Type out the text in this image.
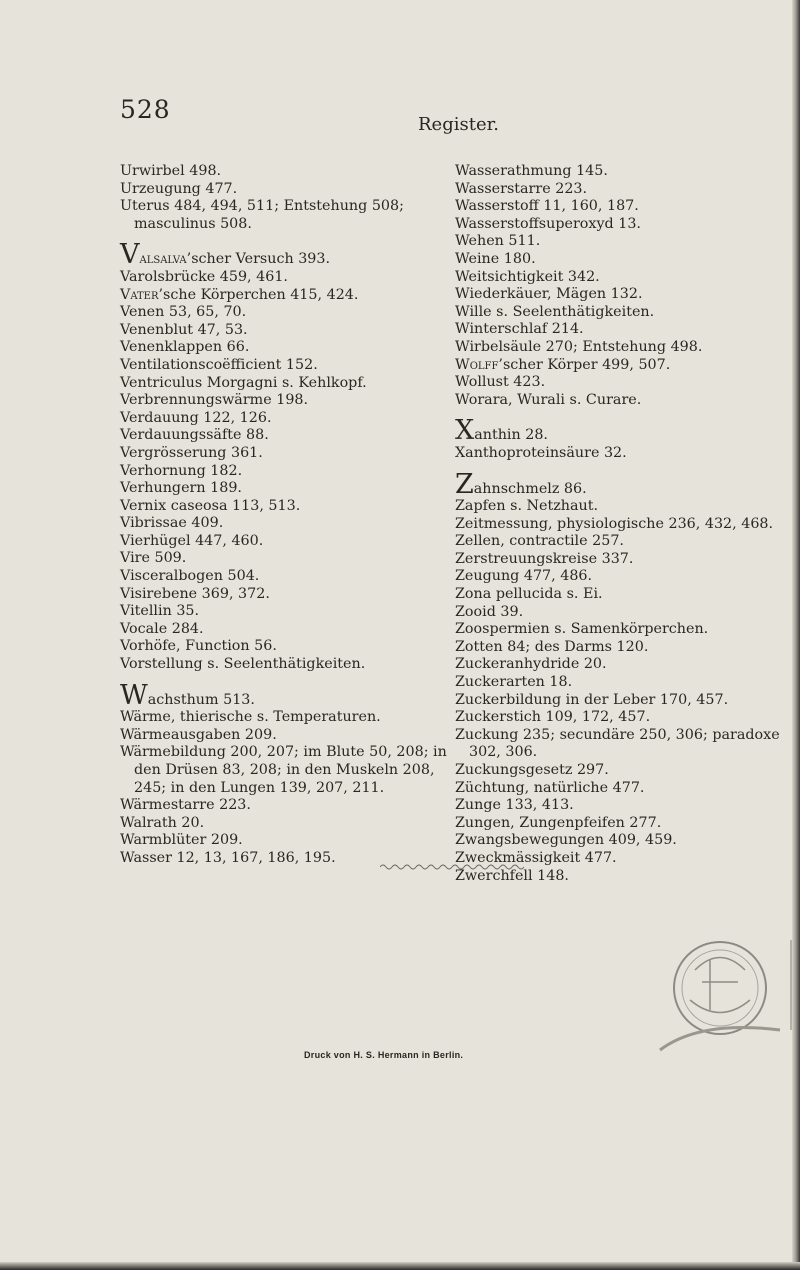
528
Register.
Urwirbel 498.
Urzeugung 477.
Uterus 484, 494, 511; Entstehung 508; masculinus 508.
Valsalva’scher Versuch 393.
Varolsbrücke 459, 461.
Vater’sche Körperchen 415, 424.
Venen 53, 65, 70.
Venenblut 47, 53.
Venenklappen 66.
Ventilationscoëfficient 152.
Ventriculus Morgagni s. Kehlkopf.
Verbrennungswärme 198.
Verdauung 122, 126.
Verdauungssäfte 88.
Vergrösserung 361.
Verhornung 182.
Verhungern 189.
Vernix caseosa 113, 513.
Vibrissae 409.
Vierhügel 447, 460.
Vire 509.
Visceralbogen 504.
Visirebene 369, 372.
Vitellin 35.
Vocale 284.
Vorhöfe, Function 56.
Vorstellung s. Seelenthätigkeiten.
Wachsthum 513.
Wärme, thierische s. Temperaturen.
Wärmeausgaben 209.
Wärmebildung 200, 207; im Blute 50, 208; in den Drüsen 83, 208; in den Muskeln 208, 245; in den Lungen 139, 207, 211.
Wärmestarre 223.
Walrath 20.
Warmblüter 209.
Wasser 12, 13, 167, 186, 195.
Wasserathmung 145.
Wasserstarre 223.
Wasserstoff 11, 160, 187.
Wasserstoffsuperoxyd 13.
Wehen 511.
Weine 180.
Weitsichtigkeit 342.
Wiederkäuer, Mägen 132.
Wille s. Seelenthätigkeiten.
Winterschlaf 214.
Wirbelsäule 270; Entstehung 498.
Wolff’scher Körper 499, 507.
Wollust 423.
Worara, Wurali s. Curare.
Xanthin 28.
Xanthoproteinsäure 32.
Zahnschmelz 86.
Zapfen s. Netzhaut.
Zeitmessung, physiologische 236, 432, 468.
Zellen, contractile 257.
Zerstreuungskreise 337.
Zeugung 477, 486.
Zona pellucida s. Ei.
Zooid 39.
Zoospermien s. Samenkörperchen.
Zotten 84; des Darms 120.
Zuckeranhydride 20.
Zuckerarten 18.
Zuckerbildung in der Leber 170, 457.
Zuckerstich 109, 172, 457.
Zuckung 235; secundäre 250, 306; paradoxe 302, 306.
Zuckungsgesetz 297.
Züchtung, natürliche 477.
Zunge 133, 413.
Zungen, Zungenpfeifen 277.
Zwangsbewegungen 409, 459.
Zweckmässigkeit 477.
Zwerchfell 148.
Druck von H. S. Hermann in Berlin.
